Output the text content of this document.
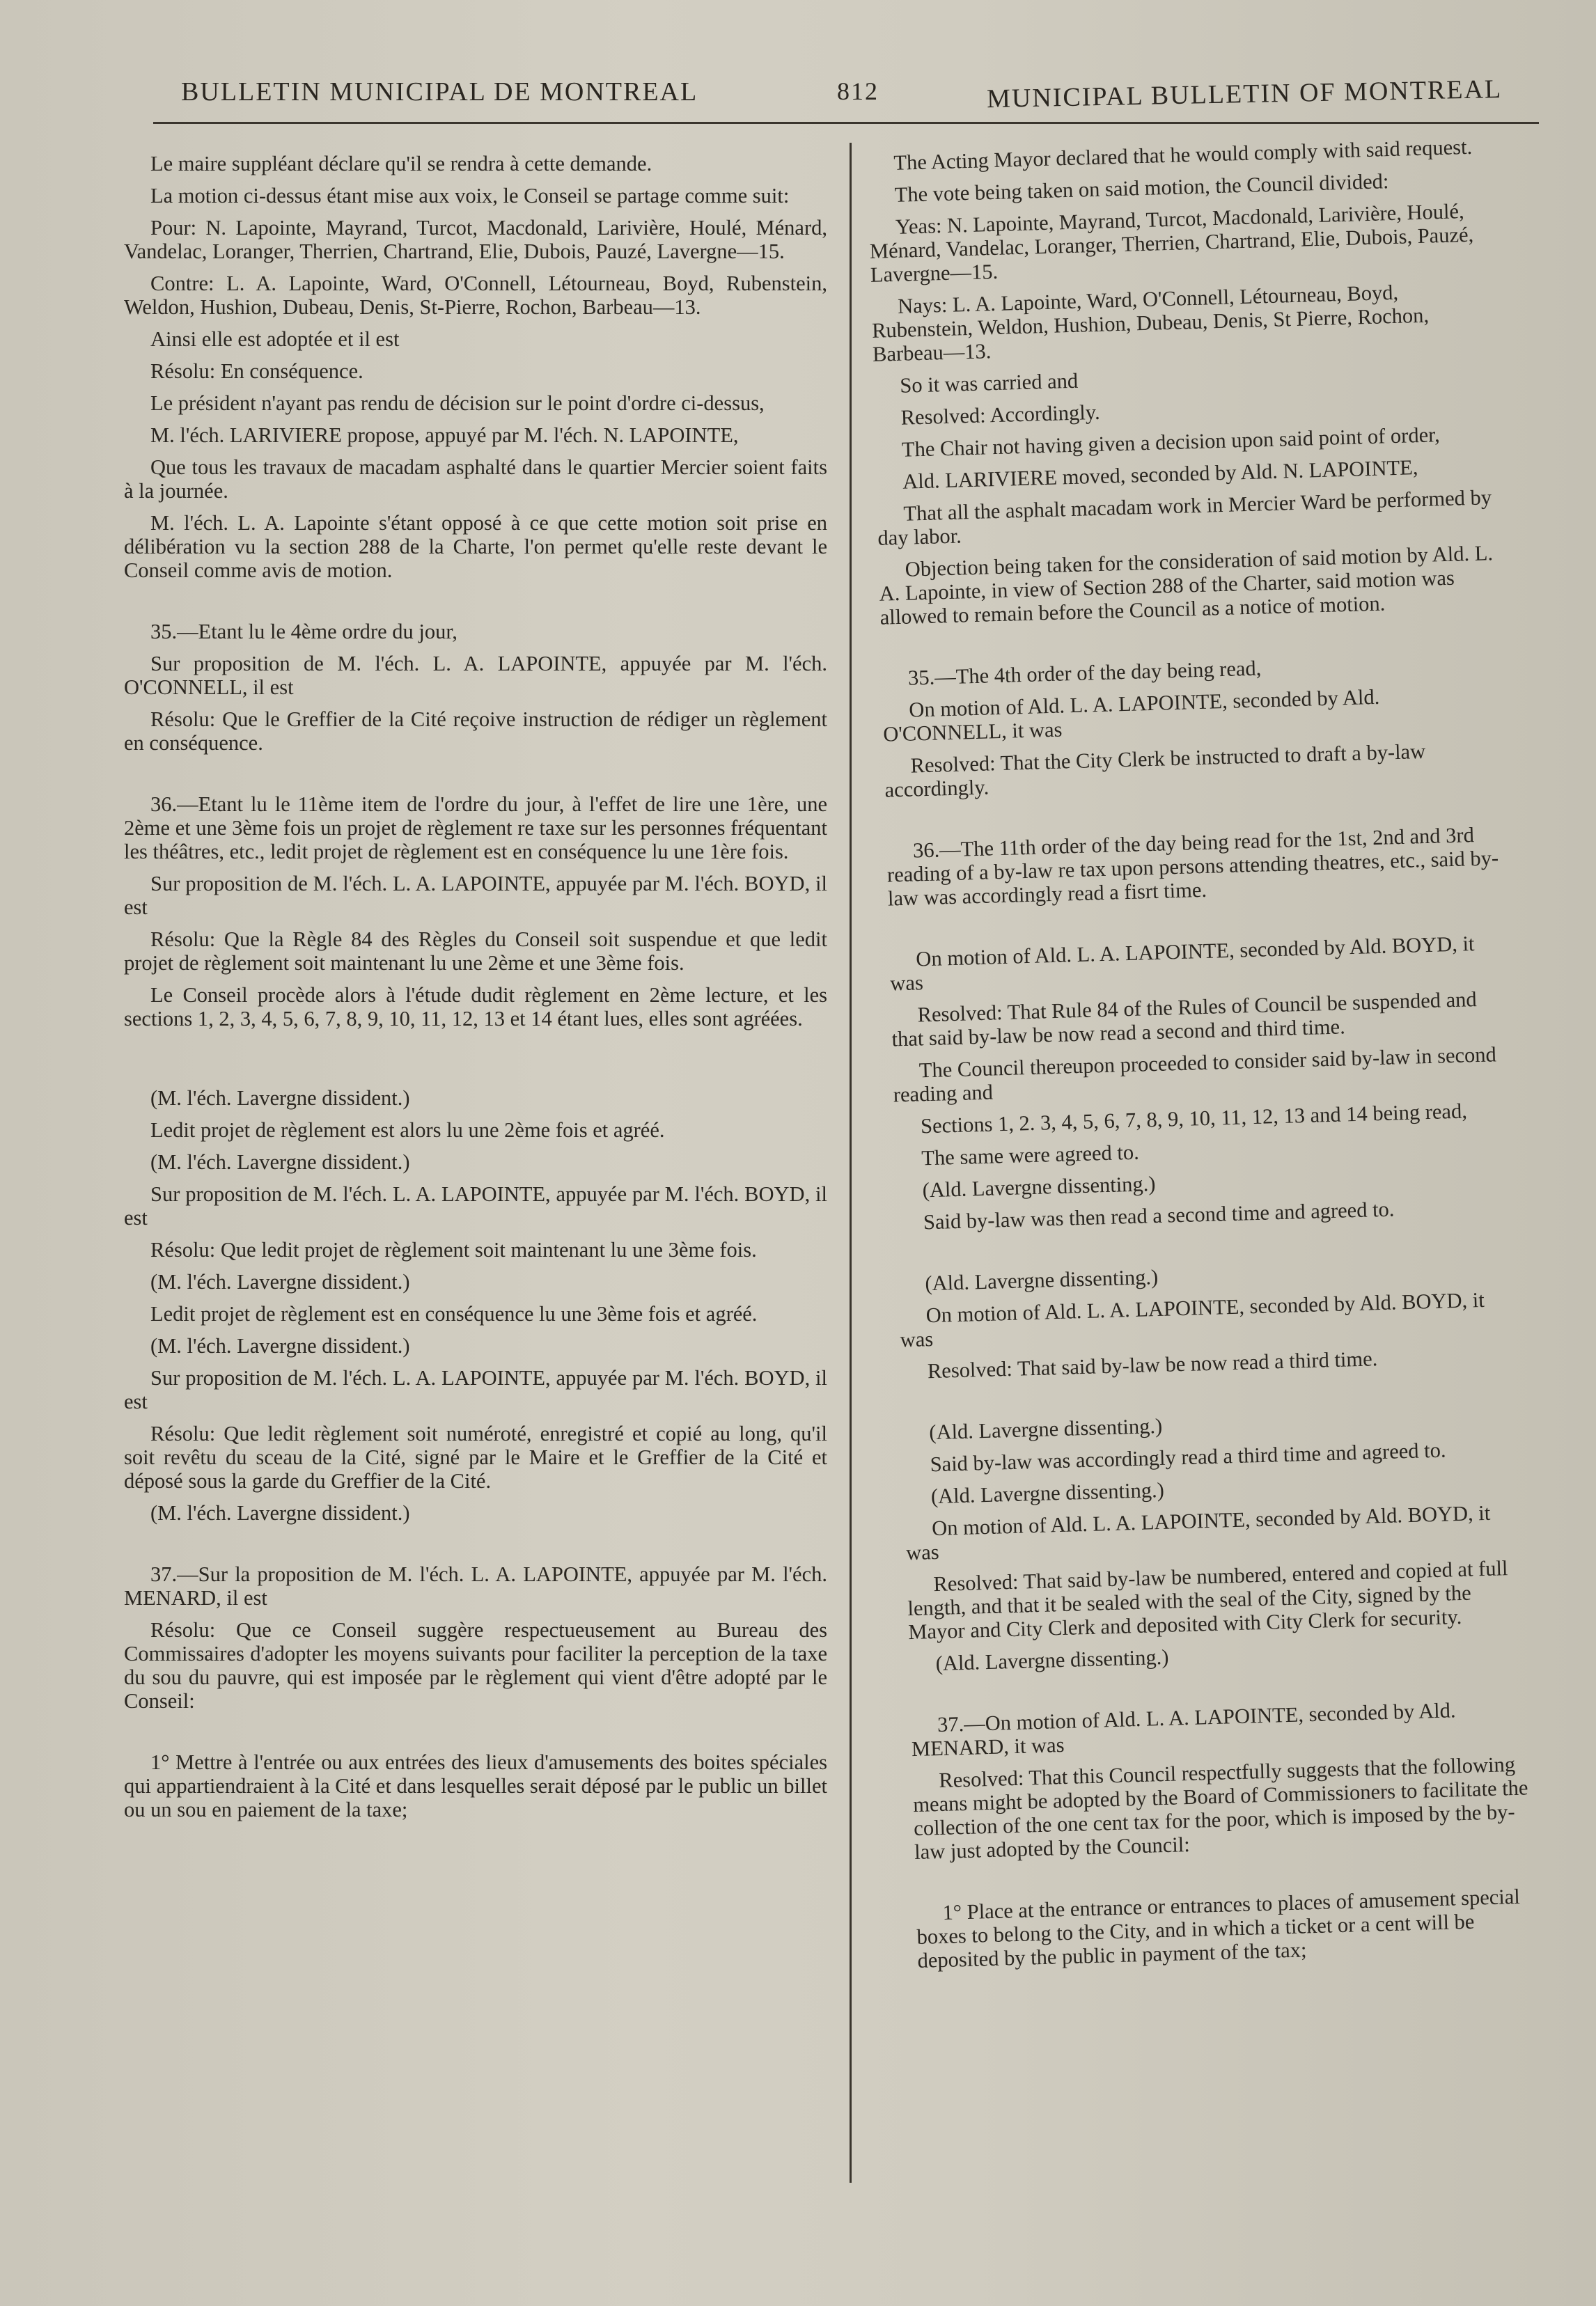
BULLETIN MUNICIPAL DE MONTREAL	812	MUNICIPAL BULLETIN OF MONTREAL

Le maire suppléant déclare qu'il se rendra à cette demande.

La motion ci-dessus étant mise aux voix, le Conseil se partage comme suit:

Pour: N. Lapointe, Mayrand, Turcot, Macdonald, Larivière, Houlé, Ménard, Vandelac, Loranger, Therrien, Chartrand, Elie, Dubois, Pauzé, Lavergne—15.

Contre: L. A. Lapointe, Ward, O'Connell, Létourneau, Boyd, Rubenstein, Weldon, Hushion, Dubeau, Denis, St-Pierre, Rochon, Barbeau—13.

Ainsi elle est adoptée et il est

Résolu: En conséquence.

Le président n'ayant pas rendu de décision sur le point d'ordre ci-dessus,

M. l'éch. LARIVIERE propose, appuyé par M. l'éch. N. LAPOINTE,

Que tous les travaux de macadam asphalté dans le quartier Mercier soient faits à la journée.

M. l'éch. L. A. Lapointe s'étant opposé à ce que cette motion soit prise en délibération vu la section 288 de la Charte, l'on permet qu'elle reste devant le Conseil comme avis de motion.

35.—Etant lu le 4ème ordre du jour,

Sur proposition de M. l'éch. L. A. LAPOINTE, appuyée par M. l'éch. O'CONNELL, il est

Résolu: Que le Greffier de la Cité reçoive instruction de rédiger un règlement en conséquence.

36.—Etant lu le 11ème item de l'ordre du jour, à l'effet de lire une 1ère, une 2ème et une 3ème fois un projet de règlement re taxe sur les personnes fréquentant les théâtres, etc., ledit projet de règlement est en conséquence lu une 1ère fois.

Sur proposition de M. l'éch. L. A. LAPOINTE, appuyée par M. l'éch. BOYD, il est

Résolu: Que la Règle 84 des Règles du Conseil soit suspendue et que ledit projet de règlement soit maintenant lu une 2ème et une 3ème fois.

Le Conseil procède alors à l'étude dudit règlement en 2ème lecture, et les sections 1, 2, 3, 4, 5, 6, 7, 8, 9, 10, 11, 12, 13 et 14 étant lues, elles sont agréées.

(M. l'éch. Lavergne dissident.)

Ledit projet de règlement est alors lu une 2ème fois et agréé.

(M. l'éch. Lavergne dissident.)

Sur proposition de M. l'éch. L. A. LAPOINTE, appuyée par M. l'éch. BOYD, il est

Résolu: Que ledit projet de règlement soit maintenant lu une 3ème fois.

(M. l'éch. Lavergne dissident.)

Ledit projet de règlement est en conséquence lu une 3ème fois et agréé.

(M. l'éch. Lavergne dissident.)

Sur proposition de M. l'éch. L. A. LAPOINTE, appuyée par M. l'éch. BOYD, il est

Résolu: Que ledit règlement soit numéroté, enregistré et copié au long, qu'il soit revêtu du sceau de la Cité, signé par le Maire et le Greffier de la Cité et déposé sous la garde du Greffier de la Cité.

(M. l'éch. Lavergne dissident.)

37.—Sur la proposition de M. l'éch. L. A. LAPOINTE, appuyée par M. l'éch. MENARD, il est

Résolu: Que ce Conseil suggère respectueusement au Bureau des Commissaires d'adopter les moyens suivants pour faciliter la perception de la taxe du sou du pauvre, qui est imposée par le règlement qui vient d'être adopté par le Conseil:

1° Mettre à l'entrée ou aux entrées des lieux d'amusements des boites spéciales qui appartiendraient à la Cité et dans lesquelles serait déposé par le public un billet ou un sou en paiement de la taxe;

The Acting Mayor declared that he would comply with said request.

The vote being taken on said motion, the Council divided:

Yeas: N. Lapointe, Mayrand, Turcot, Macdonald, Larivière, Houlé, Ménard, Vandelac, Loranger, Therrien, Chartrand, Elie, Dubois, Pauzé, Lavergne—15.

Nays: L. A. Lapointe, Ward, O'Connell, Létourneau, Boyd, Rubenstein, Weldon, Hushion, Dubeau, Denis, St Pierre, Rochon, Barbeau—13.

So it was carried and

Resolved: Accordingly.

The Chair not having given a decision upon said point of order,

Ald. LARIVIERE moved, seconded by Ald. N. LAPOINTE,

That all the asphalt macadam work in Mercier Ward be performed by day labor.

Objection being taken for the consideration of said motion by Ald. L. A. Lapointe, in view of Section 288 of the Charter, said motion was allowed to remain before the Council as a notice of motion.

35.—The 4th order of the day being read,

On motion of Ald. L. A. LAPOINTE, seconded by Ald. O'CONNELL, it was

Resolved: That the City Clerk be instructed to draft a by-law accordingly.

36.—The 11th order of the day being read for the 1st, 2nd and 3rd reading of a by-law re tax upon persons attending theatres, etc., said by-law was accordingly read a fisrt time.

On motion of Ald. L. A. LAPOINTE, seconded by Ald. BOYD, it was

Resolved: That Rule 84 of the Rules of Council be suspended and that said by-law be now read a second and third time.

The Council thereupon proceeded to consider said by-law in second reading and

Sections 1, 2. 3, 4, 5, 6, 7, 8, 9, 10, 11, 12, 13 and 14 being read,

The same were agreed to.

(Ald. Lavergne dissenting.)

Said by-law was then read a second time and agreed to.

(Ald. Lavergne dissenting.)

On motion of Ald. L. A. LAPOINTE, seconded by Ald. BOYD, it was

Resolved: That said by-law be now read a third time.

(Ald. Lavergne dissenting.)

Said by-law was accordingly read a third time and agreed to.

(Ald. Lavergne dissenting.)

On motion of Ald. L. A. LAPOINTE, seconded by Ald. BOYD, it was

Resolved: That said by-law be numbered, entered and copied at full length, and that it be sealed with the seal of the City, signed by the Mayor and City Clerk and deposited with City Clerk for security.

(Ald. Lavergne dissenting.)

37.—On motion of Ald. L. A. LAPOINTE, seconded by Ald. MENARD, it was

Resolved: That this Council respectfully suggests that the following means might be adopted by the Board of Commissioners to facilitate the collection of the one cent tax for the poor, which is imposed by the by-law just adopted by the Council:

1° Place at the entrance or entrances to places of amusement special boxes to belong to the City, and in which a ticket or a cent will be deposited by the public in payment of the tax;
